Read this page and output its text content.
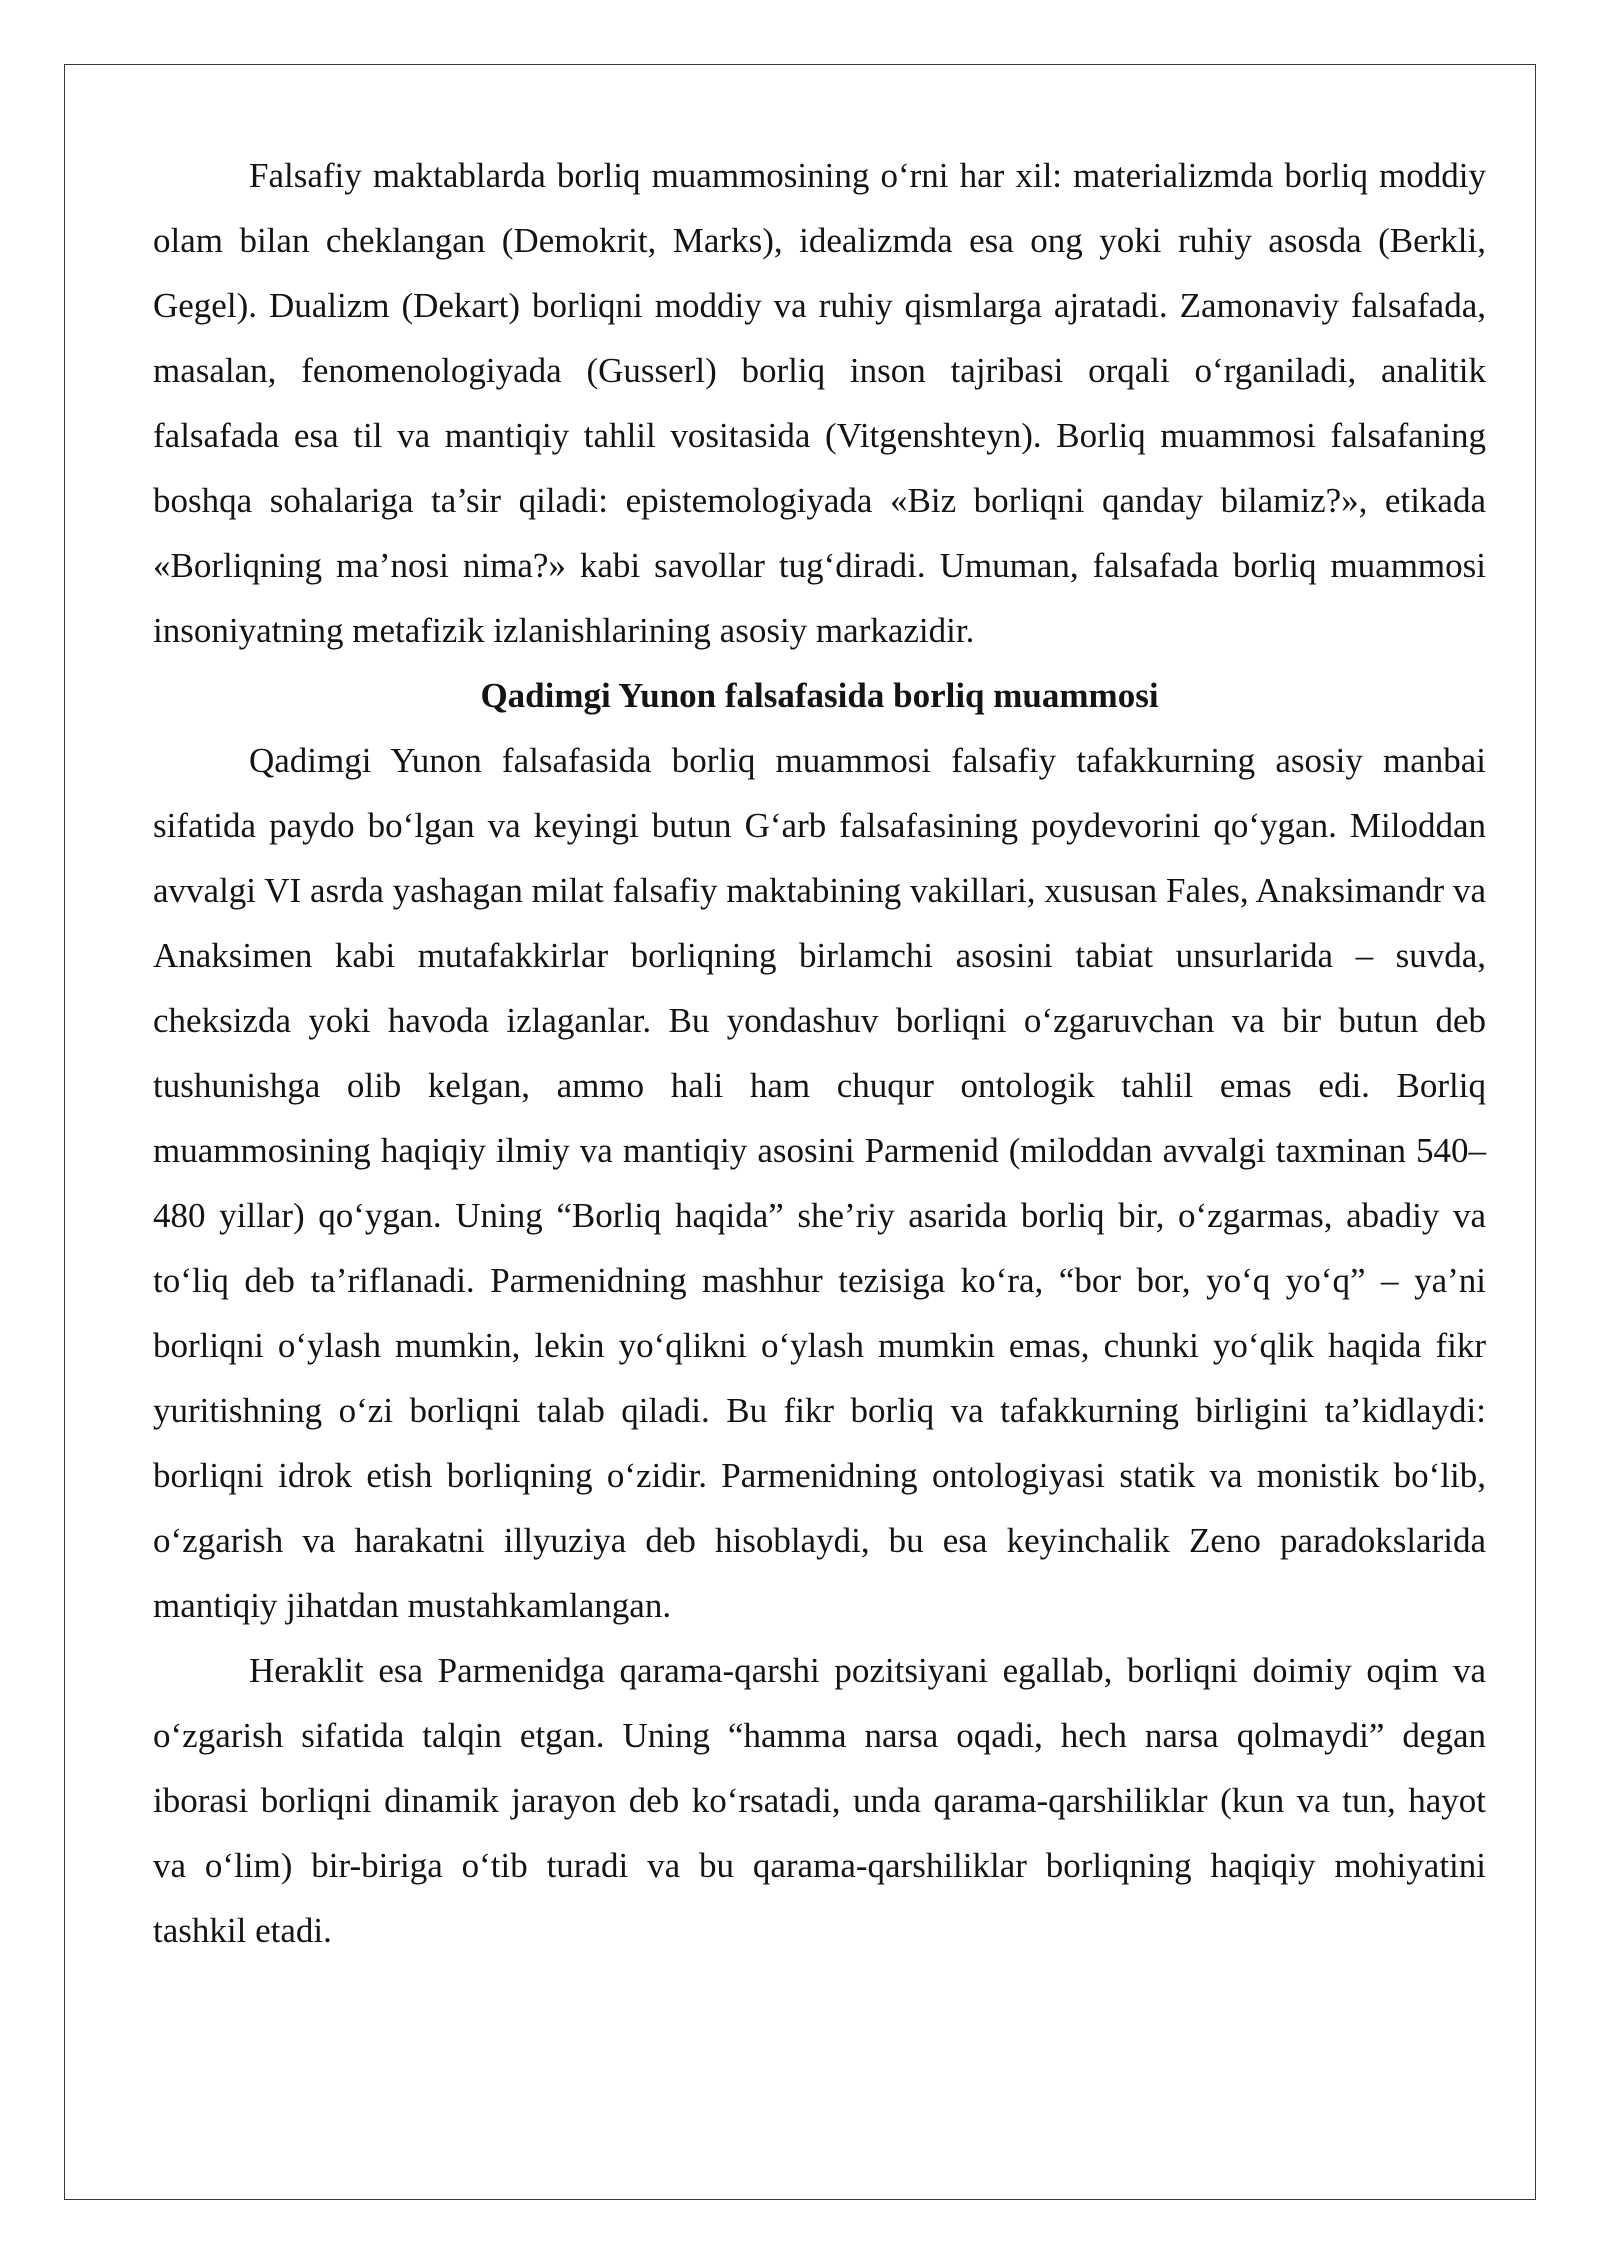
Falsafiy maktablarda borliq muammosining o‘rni har xil: materializmda borliq moddiy olam bilan cheklangan (Demokrit, Marks), idealizmda esa ong yoki ruhiy asosda (Berkli, Gegel). Dualizm (Dekart) borliqni moddiy va ruhiy qismlarga ajratadi. Zamonaviy falsafada, masalan, fenomenologiyada (Gusserl) borliq inson tajribasi orqali o‘rganiladi, analitik falsafada esa til va mantiqiy tahlil vositasida (Vitgenshteyn). Borliq muammosi falsafaning boshqa sohalariga ta’sir qiladi: epistemologiyada «Biz borliqni qanday bilamiz?», etikada «Borliqning ma’nosi nima?» kabi savollar tug‘diradi. Umuman, falsafada borliq muammosi insoniyatning metafizik izlanishlarining asosiy markazidir.

Qadimgi Yunon falsafasida borliq muammosi

Qadimgi Yunon falsafasida borliq muammosi falsafiy tafakkurning asosiy manbai sifatida paydo bo‘lgan va keyingi butun G‘arb falsafasining poydevorini qo‘ygan. Miloddan avvalgi VI asrda yashagan milat falsafiy maktabining vakillari, xususan Fales, Anaksimandr va Anaksimen kabi mutafakkirlar borliqning birlamchi asosini tabiat unsurlarida – suvda, cheksizda yoki havoda izlaganlar. Bu yondashuv borliqni o‘zgaruvchan va bir butun deb tushunishga olib kelgan, ammo hali ham chuqur ontologik tahlil emas edi. Borliq muammosining haqiqiy ilmiy va mantiqiy asosini Parmenid (miloddan avvalgi taxminan 540–480 yillar) qo‘ygan. Uning “Borliq haqida” she’riy asarida borliq bir, o‘zgarmas, abadiy va to‘liq deb ta’riflanadi. Parmenidning mashhur tezisiga ko‘ra, “bor bor, yo‘q yo‘q” – ya’ni borliqni o‘ylash mumkin, lekin yo‘qlikni o‘ylash mumkin emas, chunki yo‘qlik haqida fikr yuritishning o‘zi borliqni talab qiladi. Bu fikr borliq va tafakkurning birligini ta’kidlaydi: borliqni idrok etish borliqning o‘zidir. Parmenidning ontologiyasi statik va monistik bo‘lib, o‘zgarish va harakatni illyuziya deb hisoblaydi, bu esa keyinchalik Zeno paradokslarida mantiqiy jihatdan mustahkamlangan.

Heraklit esa Parmenidga qarama-qarshi pozitsiyani egallab, borliqni doimiy oqim va o‘zgarish sifatida talqin etgan. Uning “hamma narsa oqadi, hech narsa qolmaydi” degan iborasi borliqni dinamik jarayon deb ko‘rsatadi, unda qarama-qarshiliklar (kun va tun, hayot va o‘lim) bir-biriga o‘tib turadi va bu qarama-qarshiliklar borliqning haqiqiy mohiyatini tashkil etadi.
